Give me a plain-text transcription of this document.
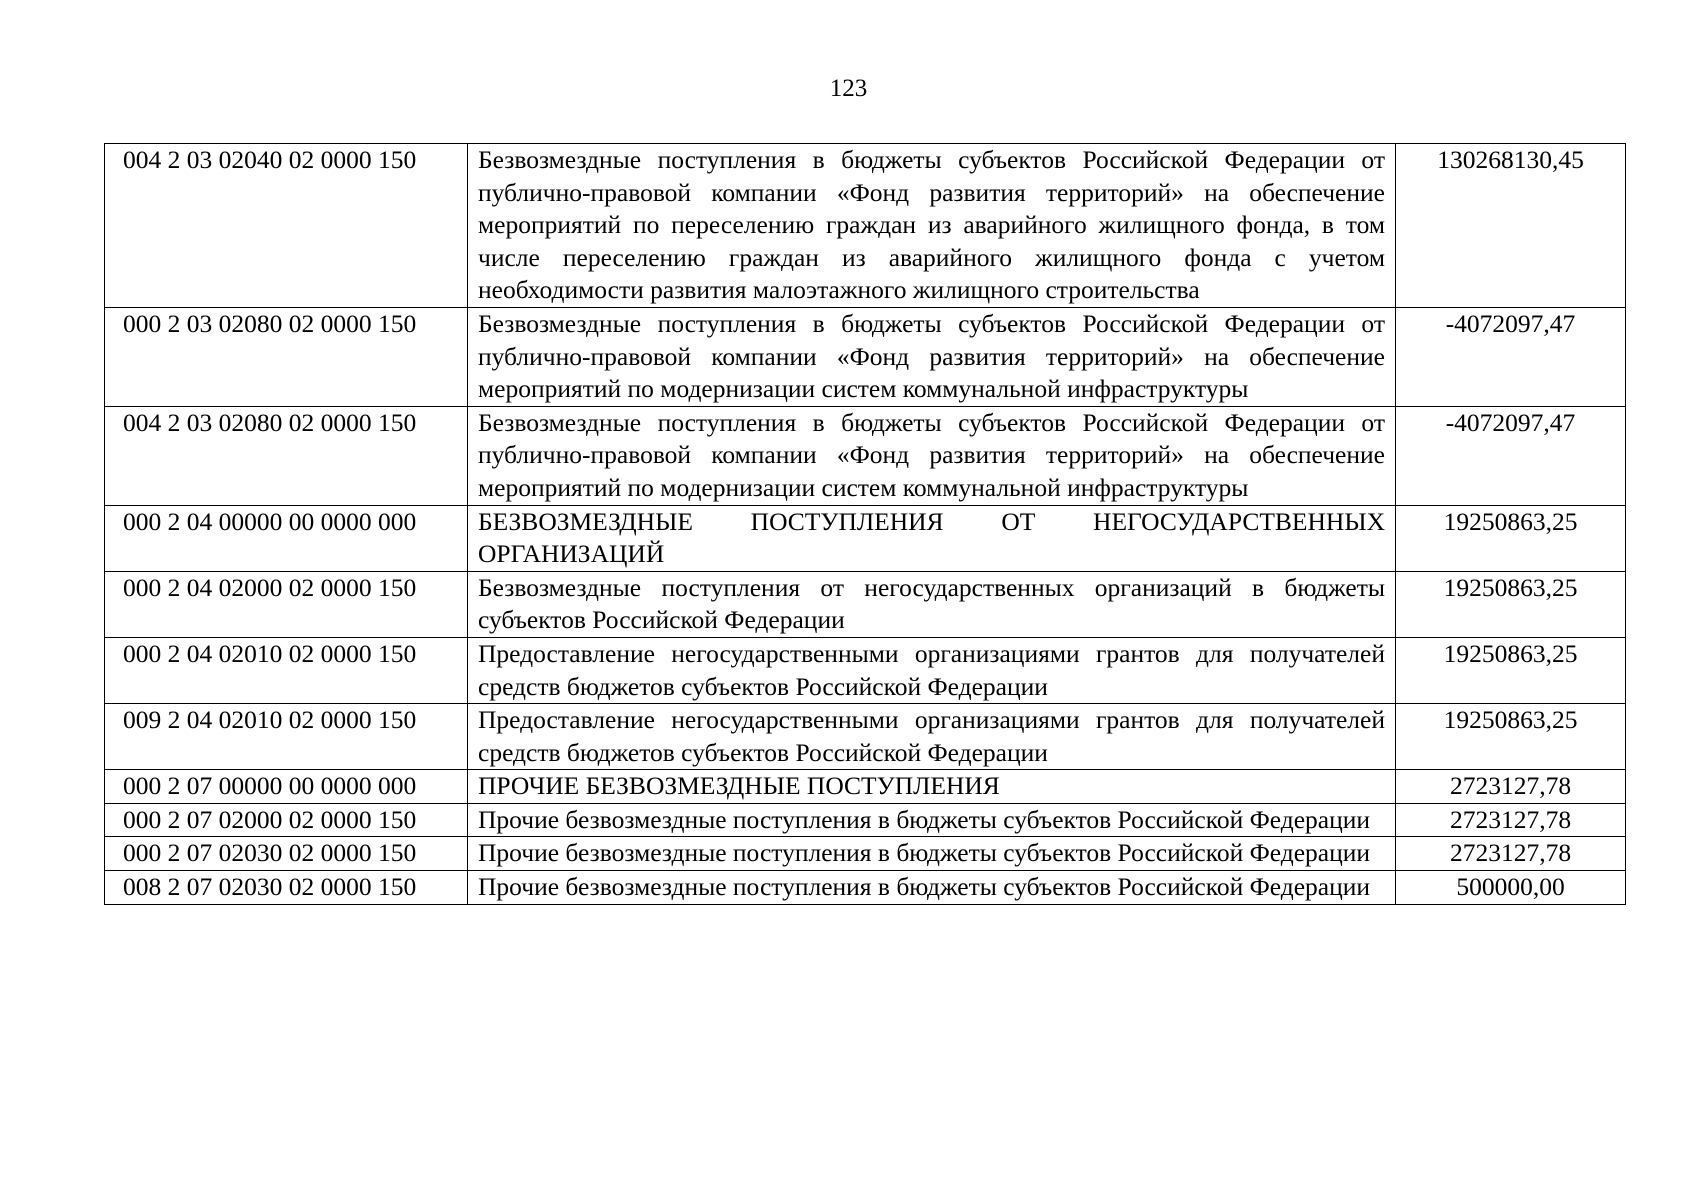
123
004 2 03 02040 02 0000 150	Безвозмездные поступления в бюджеты субъектов Российской Федерации от публично-правовой компании «Фонд развития территорий» на обеспечение мероприятий по переселению граждан из аварийного жилищного фонда, в том числе переселению граждан из аварийного жилищного фонда с учетом необходимости развития малоэтажного жилищного строительства	130268130,45
000 2 03 02080 02 0000 150	Безвозмездные поступления в бюджеты субъектов Российской Федерации от публично-правовой компании «Фонд развития территорий» на обеспечение мероприятий по модернизации систем коммунальной инфраструктуры	-4072097,47
004 2 03 02080 02 0000 150	Безвозмездные поступления в бюджеты субъектов Российской Федерации от публично-правовой компании «Фонд развития территорий» на обеспечение мероприятий по модернизации систем коммунальной инфраструктуры	-4072097,47
000 2 04 00000 00 0000 000	БЕЗВОЗМЕЗДНЫЕ ПОСТУПЛЕНИЯ ОТ НЕГОСУДАРСТВЕННЫХ ОРГАНИЗАЦИЙ	19250863,25
000 2 04 02000 02 0000 150	Безвозмездные поступления от негосударственных организаций в бюджеты субъектов Российской Федерации	19250863,25
000 2 04 02010 02 0000 150	Предоставление негосударственными организациями грантов для получателей средств бюджетов субъектов Российской Федерации	19250863,25
009 2 04 02010 02 0000 150	Предоставление негосударственными организациями грантов для получателей средств бюджетов субъектов Российской Федерации	19250863,25
000 2 07 00000 00 0000 000	ПРОЧИЕ БЕЗВОЗМЕЗДНЫЕ ПОСТУПЛЕНИЯ	2723127,78
000 2 07 02000 02 0000 150	Прочие безвозмездные поступления в бюджеты субъектов Российской Федерации	2723127,78
000 2 07 02030 02 0000 150	Прочие безвозмездные поступления в бюджеты субъектов Российской Федерации	2723127,78
008 2 07 02030 02 0000 150	Прочие безвозмездные поступления в бюджеты субъектов Российской Федерации	500000,00
